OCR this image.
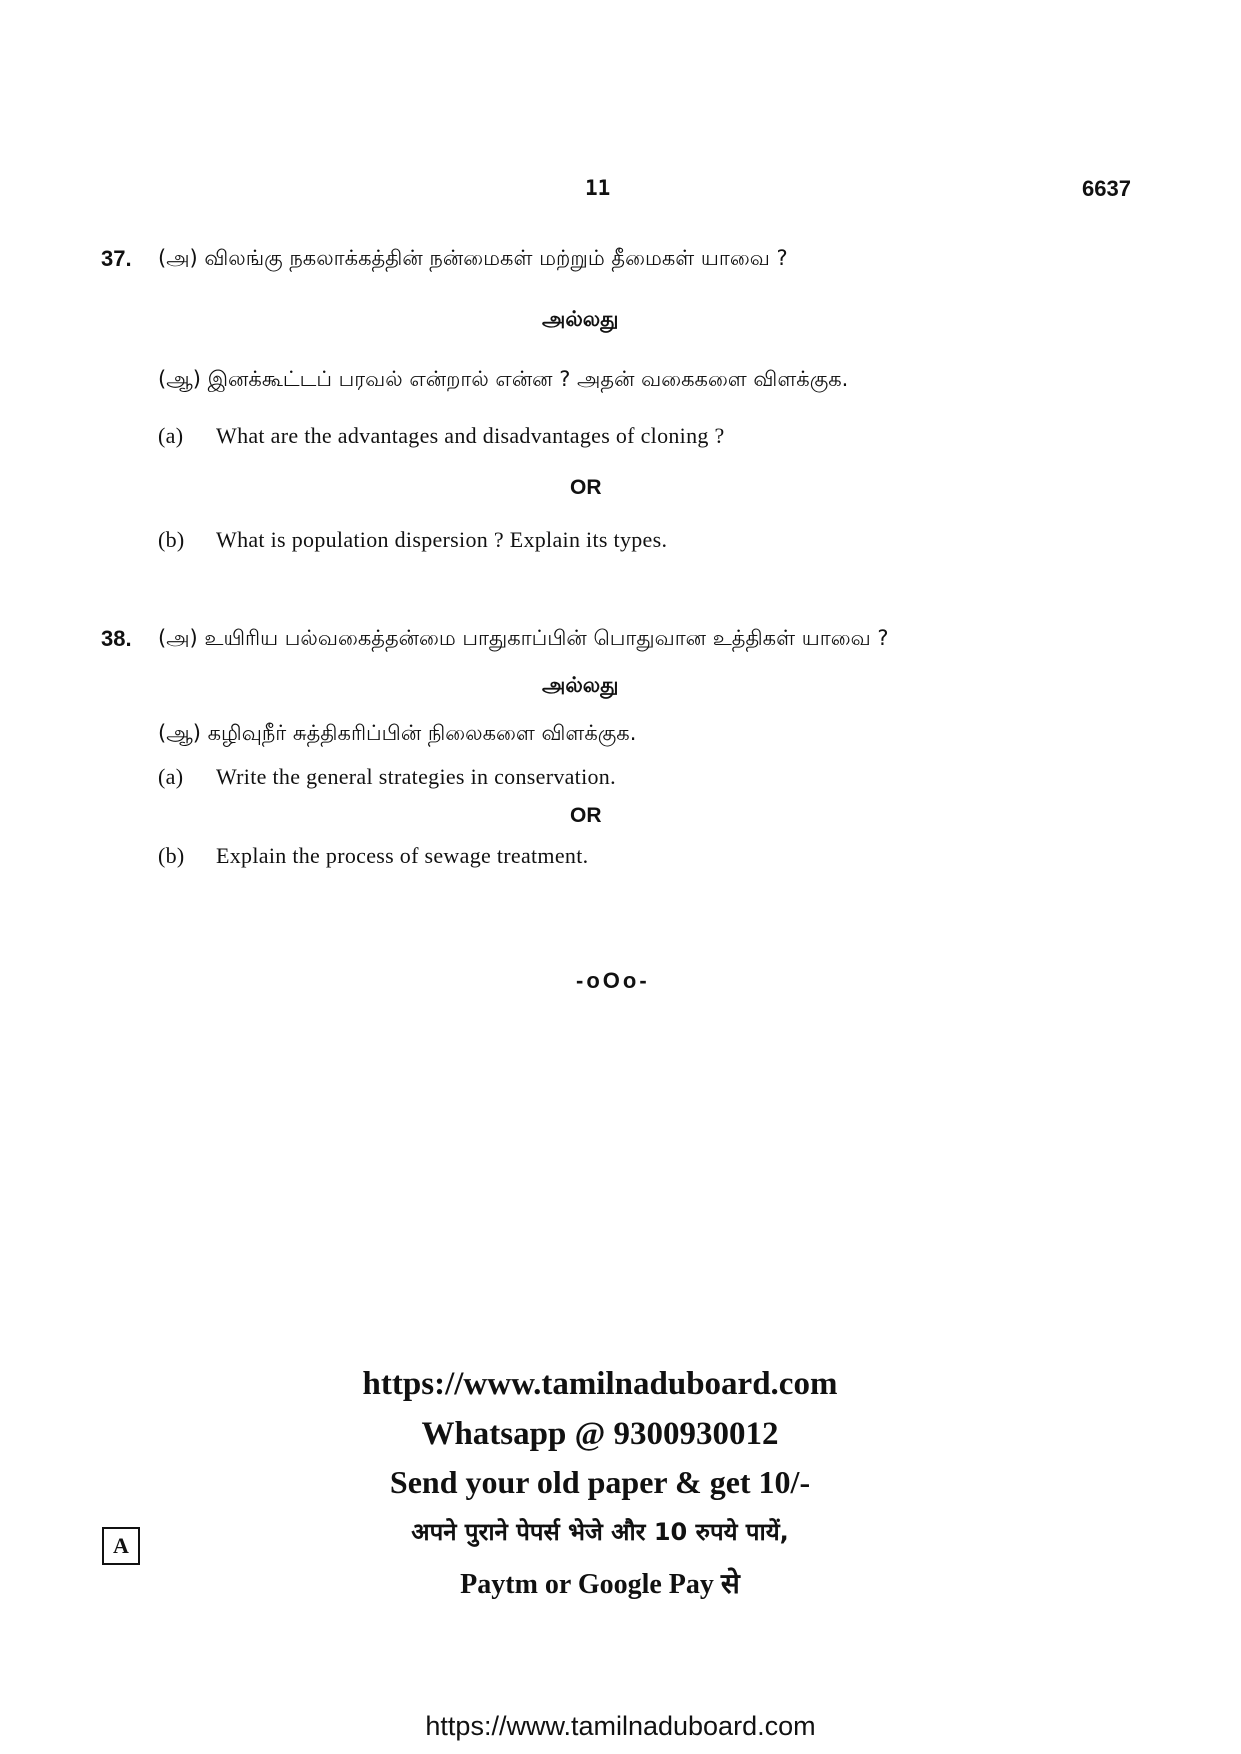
11	6637
37. (அ) விலங்கு நகலாக்கத்தின் நன்மைகள் மற்றும் தீமைகள் யாவை ?
அல்லது
(ஆ) இனக்கூட்டப் பரவல் என்றால் என்ன ? அதன் வகைகளை விளக்குக.
(a) What are the advantages and disadvantages of cloning ?
OR
(b) What is population dispersion ? Explain its types.
38. (அ) உயிரிய பல்வகைத்தன்மை பாதுகாப்பின் பொதுவான உத்திகள் யாவை ?
அல்லது
(ஆ) கழிவுநீர் சுத்திகரிப்பின் நிலைகளை விளக்குக.
(a) Write the general strategies in conservation.
OR
(b) Explain the process of sewage treatment.
-oOo-
https://www.tamilnaduboard.com
Whatsapp @ 9300930012
Send your old paper & get 10/-
अपने पुराने पेपर्स भेजे और 10 रुपये पायें,
Paytm or Google Pay से
A
https://www.tamilnaduboard.com
